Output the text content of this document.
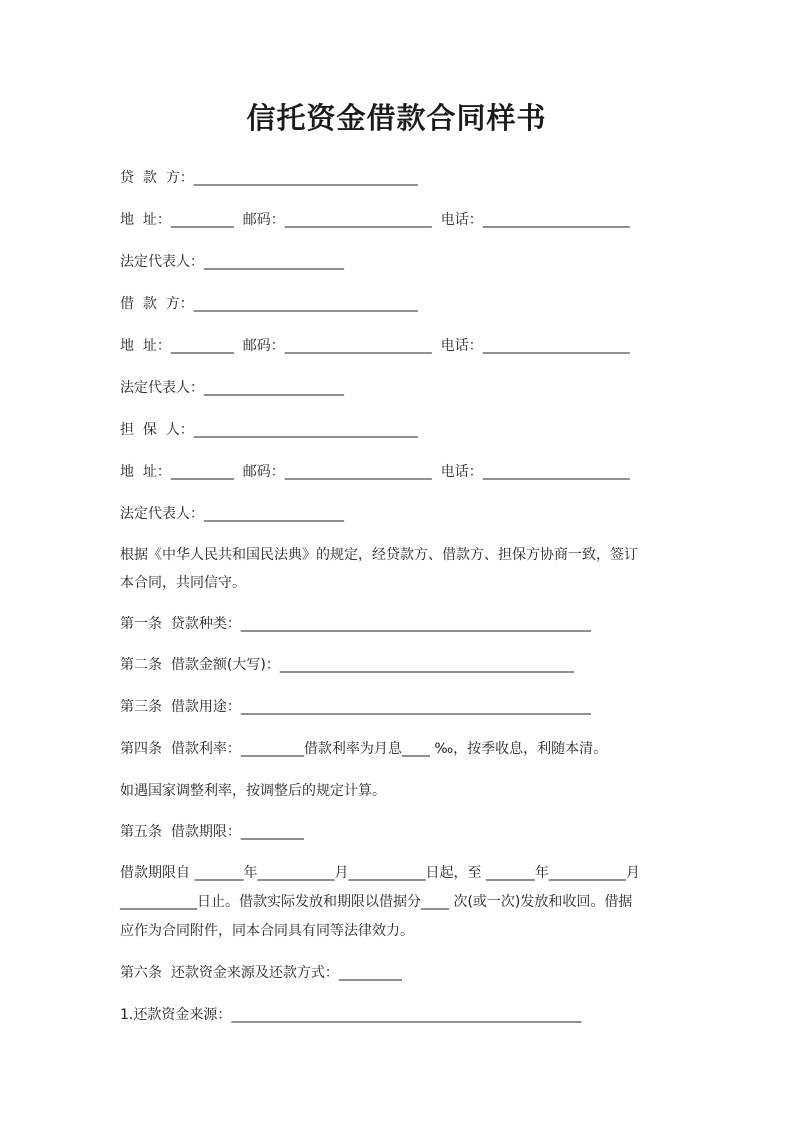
信托资金借款合同样书
贷  款  方：________________________________
地  址：_________  邮码：_____________________  电话：_____________________
法定代表人：____________________
借  款  方：________________________________
地  址：_________  邮码：_____________________  电话：_____________________
法定代表人：____________________
担  保  人：________________________________
地  址：_________  邮码：_____________________  电话：_____________________
法定代表人：____________________
根据《中华人民共和国民法典》的规定，经贷款方、借款方、担保方协商一致，签订
本合同，共同信守。
第一条  贷款种类：__________________________________________________
第二条  借款金额(大写)：__________________________________________
第三条  借款用途：__________________________________________________
第四条  借款利率：_________借款利率为月息____ ‰，按季收息，利随本清。
如遇国家调整利率，按调整后的规定计算。
第五条  借款期限：_________
借款期限自 _______年___________月___________日起，至 _______年___________月
___________日止。借款实际发放和期限以借据分____ 次(或一次)发放和收回。借据
应作为合同附件，同本合同具有同等法律效力。
第六条  还款资金来源及还款方式：_________
1.还款资金来源：__________________________________________________
